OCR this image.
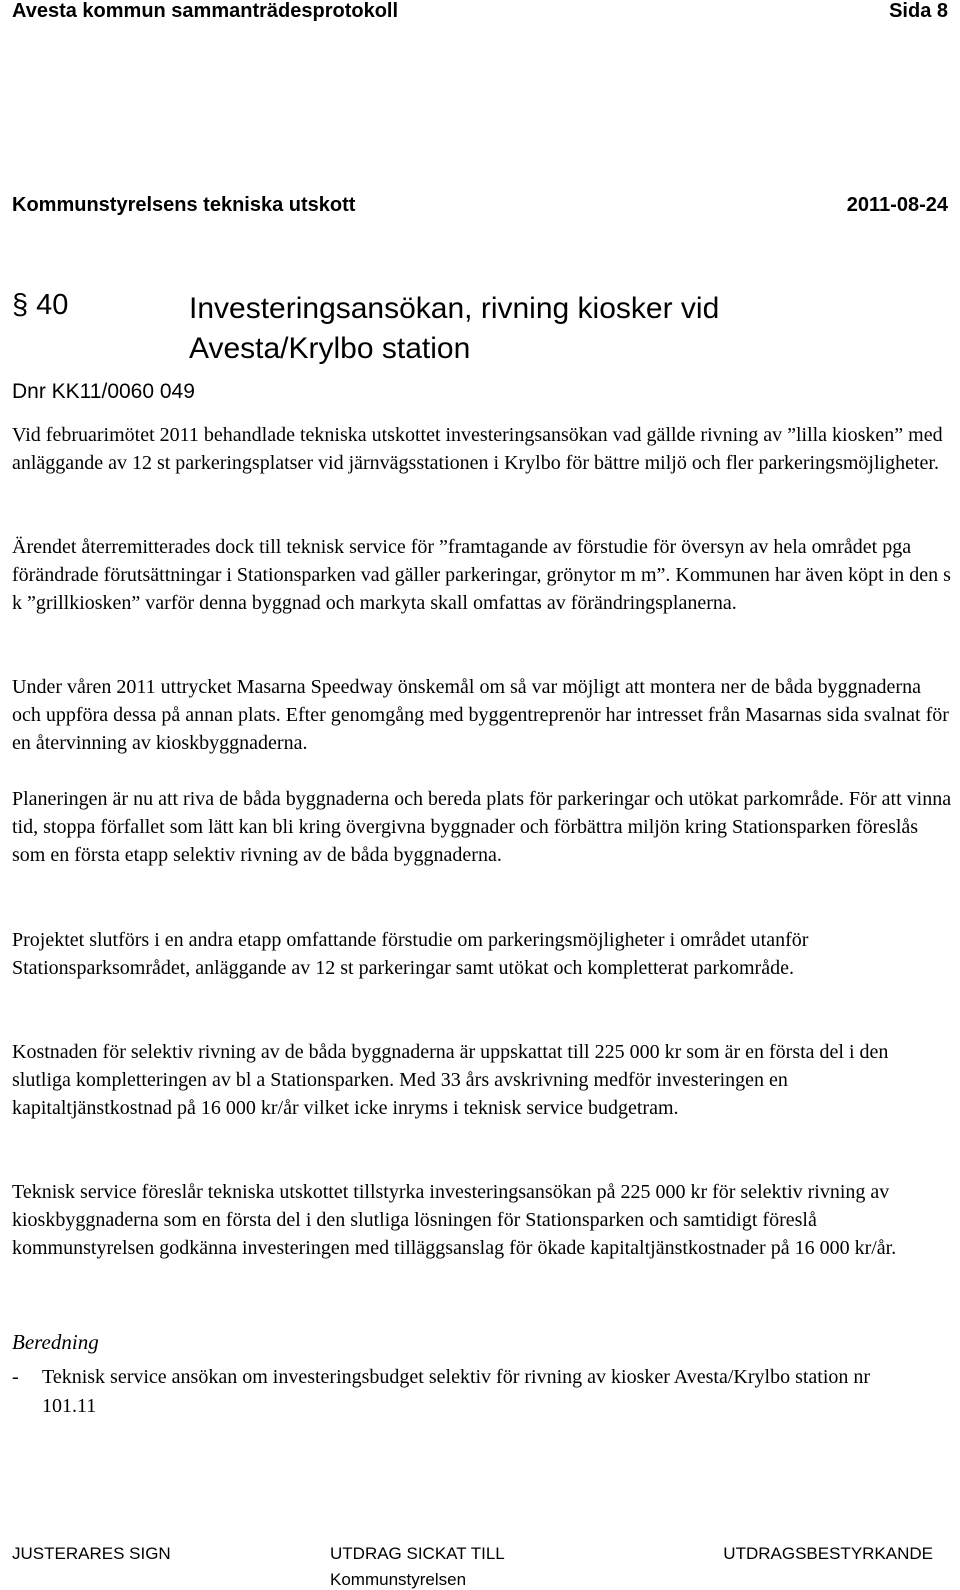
Avesta kommun sammanträdesprotokoll	Sida 8
Kommunstyrelsens tekniska utskott	2011-08-24
§ 40	Investeringsansökan, rivning kiosker vid Avesta/Krylbo station
Dnr KK11/0060 049

Vid februarimötet 2011 behandlade tekniska utskottet investeringsansökan vad gällde rivning av ”lilla kiosken” med anläggande av 12 st parkeringsplatser vid järnvägsstationen i Krylbo för bättre miljö och fler parkeringsmöjligheter.

Ärendet återremitterades dock till teknisk service för ”framtagande av förstudie för översyn av hela området pga förändrade förutsättningar i Stationsparken vad gäller parkeringar, grönytor m m”. Kommunen har även köpt in den s k ”grillkiosken” varför denna byggnad och markyta skall omfattas av förändringsplanerna.

Under våren 2011 uttrycket Masarna Speedway önskemål om så var möjligt att montera ner de båda byggnaderna och uppföra dessa på annan plats. Efter genomgång med byggentreprenör har intresset från Masarnas sida svalnat för en återvinning av kioskbyggnaderna.

Planeringen är nu att riva de båda byggnaderna och bereda plats för parkeringar och utökat parkområde. För att vinna tid, stoppa förfallet som lätt kan bli kring övergivna byggnader och förbättra miljön kring Stationsparken föreslås som en första etapp selektiv rivning av de båda byggnaderna.

Projektet slutförs i en andra etapp omfattande förstudie om parkeringsmöjligheter i området utanför Stationsparksområdet, anläggande av 12 st parkeringar samt utökat och kompletterat parkområde.

Kostnaden för selektiv rivning av de båda byggnaderna är uppskattat till 225 000 kr som är en första del i den slutliga kompletteringen av bl a Stationsparken. Med 33 års avskrivning medför investeringen en kapitaltjänstkostnad på 16 000 kr/år vilket icke inryms i teknisk service budgetram.

Teknisk service föreslår tekniska utskottet tillstyrka investeringsansökan på 225 000 kr för selektiv rivning av kioskbyggnaderna som en första del i den slutliga lösningen för Stationsparken och samtidigt föreslå kommunstyrelsen godkänna investeringen med tilläggsanslag för ökade kapitaltjänstkostnader på 16 000 kr/år.

Beredning
- Teknisk service ansökan om investeringsbudget selektiv för rivning av kiosker Avesta/Krylbo station nr 101.11
JUSTERARES SIGN	UTDRAG SICKAT TILL
Kommunstyrelsen
UTDRAGSBESTYRKANDE
